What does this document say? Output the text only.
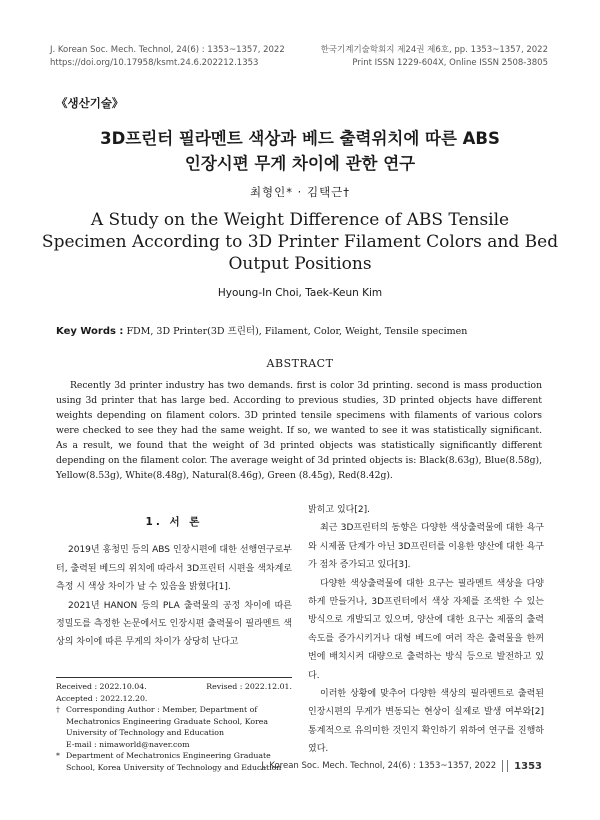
J. Korean Soc. Mech. Technol, 24(6) : 1353~1357, 2022
https://doi.org/10.17958/ksmt.24.6.202212.1353
한국기계기술학회지 제24권 제6호, pp. 1353~1357, 2022
Print ISSN 1229-604X, Online ISSN 2508-3805
《생산기술》
3D프린터 필라멘트 색상과 베드 출력위치에 따른 ABS
인장시편 무게 차이에 관한 연구
최형인* · 김택근†
A Study on the Weight Difference of ABS Tensile
Specimen According to 3D Printer Filament Colors and Bed
Output Positions
Hyoung-In Choi, Taek-Keun Kim
Key Words : FDM, 3D Printer(3D 프린터), Filament, Color, Weight, Tensile specimen
ABSTRACT

Recently 3d printer industry has two demands. first is color 3d printing. second is mass production using 3d printer that has large bed. According to previous studies, 3D printed objects have different weights depending on filament colors. 3D printed tensile specimens with filaments of various colors were checked to see they had the same weight. If so, we wanted to see it was statistically significant. As a result, we found that the weight of 3d printed objects was statistically significantly different depending on the filament color. The average weight of 3d printed objects is: Black(8.63g), Blue(8.58g), Yellow(8.53g), White(8.48g), Natural(8.46g), Green (8.45g), Red(8.42g).

1. 서 론

2019년 홍청민 등의 ABS 인장시편에 대한 선행연구로부터, 출력된 베드의 위치에 따라서 3D프린터 시편을 색차계로 측정 시 색상 차이가 날 수 있음을 밝혔다[1].

2021년 HANON 등의 PLA 출력물의 공정 차이에 따른 정밀도를 측정한 논문에서도 인장시편 출력물이 필라멘트 색상의 차이에 따른 무게의 차이가 상당히 난다고

밝히고 있다[2].

최근 3D프린터의 동향은 다양한 색상출력물에 대한 욕구와 시제품 단계가 아닌 3D프린터를 이용한 양산에 대한 욕구가 점차 증가되고 있다[3].

다양한 색상출력물에 대한 요구는 필라멘트 색상을 다양하게 만들거나, 3D프린터에서 색상 자체를 조색한 수 있는 방식으로 개발되고 있으며, 양산에 대한 요구는 제품의 출력 속도를 증가시키거나 대형 베드에 여러 작은 출력물을 한꺼번에 배치시켜 대량으로 출력하는 방식 등으로 발전하고 있다.

이러한 상황에 맞추어 다양한 색상의 필라멘트로 출력된 인장시편의 무게가 변동되는 현상이 실제로 발생 여부와[2] 통계적으로 유의미한 것인지 확인하기 위하여 연구를 진행하였다.

Received : 2022.10.04.	Revised : 2022.12.01.
Accepted : 2022.12.20.
† Corresponding Author : Member, Department of Mechatronics Engineering Graduate School, Korea University of Technology and Education
E-mail : nimaworld@naver.com
* Department of Mechatronics Engineering Graduate School, Korea University of Technology and Education
J. Korean Soc. Mech. Technol, 24(6) : 1353~1357, 2022 1353
